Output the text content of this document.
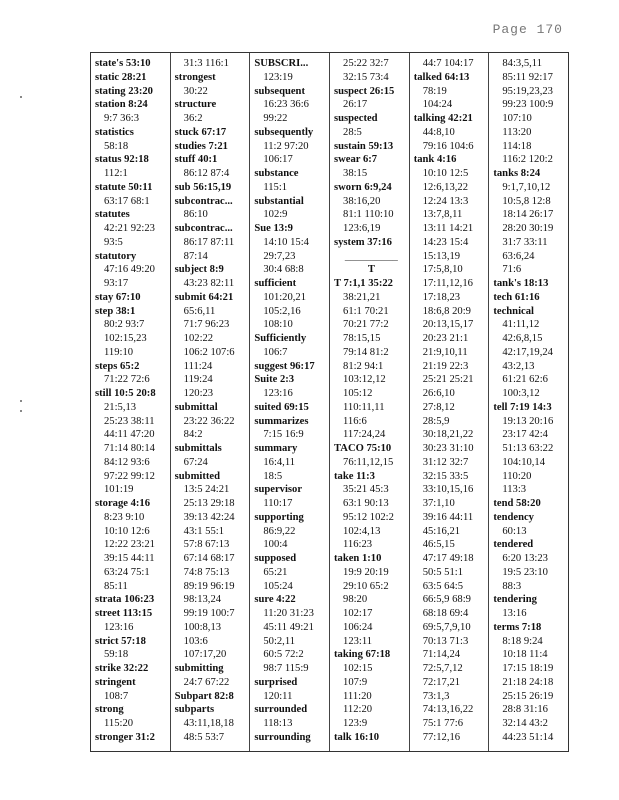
Page 170
state's 53:10
static 28:21
stating 23:20
station 8:24
9:7 36:3
statistics
58:18
status 92:18
112:1
statute 50:11
63:17 68:1
statutes
42:21 92:23
93:5
statutory
47:16 49:20
93:17
stay 67:10
step 38:1
80:2 93:7
102:15,23
119:10
steps 65:2
71:22 72:6
still 10:5 20:8
21:5,13
25:23 38:11
44:11 47:20
71:14 80:14
84:12 93:6
97:22 99:12
101:19
storage 4:16
8:23 9:10
10:10 12:6
12:22 23:21
39:15 44:11
63:24 75:1
85:11
strata 106:23
street 113:15
123:16
strict 57:18
59:18
strike 32:22
stringent
108:7
strong
115:20
stronger 31:2
31:3 116:1
strongest
30:22
structure
36:2
stuck 67:17
studies 7:21
stuff 40:1
86:12 87:4
sub 56:15,19
subcontrac...
86:10
subcontrac...
86:17 87:11
87:14
subject 8:9
43:23 82:11
submit 64:21
65:6,11
71:7 96:23
102:22
106:2 107:6
111:24
119:24
120:23
submittal
23:22 36:22
84:2
submittals
67:24
submitted
13:5 24:21
25:13 29:18
39:13 42:24
43:1 55:1
57:8 67:13
67:14 68:17
74:8 75:13
89:19 96:19
98:13,24
99:19 100:7
100:8,13
103:6
107:17,20
submitting
24:7 67:22
Subpart 82:8
subparts
43:11,18,18
48:5 53:7
SUBSCRI...
123:19
subsequent
16:23 36:6
99:22
subsequently
11:2 97:20
106:17
substance
115:1
substantial
102:9
Sue 13:9
14:10 15:4
29:7,23
30:4 68:8
sufficient
101:20,21
105:2,16
108:10
Sufficiently
106:7
suggest 96:17
Suite 2:3
123:16
suited 69:15
summarizes
7:15 16:9
summary
16:4,11
18:5
supervisor
110:17
supporting
86:9,22
100:4
supposed
65:21
105:24
sure 4:22
11:20 31:23
45:11 49:21
50:2,11
60:5 72:2
98:7 115:9
surprised
120:11
surrounded
118:13
surrounding
25:22 32:7
32:15 73:4
suspect 26:15
26:17
suspected
28:5
sustain 59:13
swear 6:7
38:15
sworn 6:9,24
38:16,20
81:1 110:10
123:6,19
system 37:16
__________
T
T 7:1,1 35:22
38:21,21
61:1 70:21
70:21 77:2
78:15,15
79:14 81:2
81:2 94:1
103:12,12
105:12
110:11,11
116:6
117:24,24
TACO 75:10
76:11,12,15
take 11:3
35:21 45:3
63:1 90:13
95:12 102:2
102:4,13
116:23
taken 1:10
19:9 20:19
29:10 65:2
98:20
102:17
106:24
123:11
taking 67:18
102:15
107:9
111:20
112:20
123:9
talk 16:10
44:7 104:17
talked 64:13
78:19
104:24
talking 42:21
44:8,10
79:16 104:6
tank 4:16
10:10 12:5
12:6,13,22
12:24 13:3
13:7,8,11
13:11 14:21
14:23 15:4
15:13,19
17:5,8,10
17:11,12,16
17:18,23
18:6,8 20:9
20:13,15,17
20:23 21:1
21:9,10,11
21:19 22:3
25:21 25:21
26:6,10
27:8,12
28:5,9
30:18,21,22
30:23 31:10
31:12 32:7
32:15 33:5
33:10,15,16
37:1,10
39:16 44:11
45:16,21
46:5,15
47:17 49:18
50:5 51:1
63:5 64:5
66:5,9 68:9
68:18 69:4
69:5,7,9,10
70:13 71:3
71:14,24
72:5,7,12
72:17,21
73:1,3
74:13,16,22
75:1 77:6
77:12,16
84:3,5,11
85:11 92:17
95:19,23,23
99:23 100:9
107:10
113:20
114:18
116:2 120:2
tanks 8:24
9:1,7,10,12
10:5,8 12:8
18:14 26:17
28:20 30:19
31:7 33:11
63:6,24
71:6
tank's 18:13
tech 61:16
technical
41:11,12
42:6,8,15
42:17,19,24
43:2,13
61:21 62:6
100:3,12
tell 7:19 14:3
19:13 20:16
23:17 42:4
51:13 63:22
104:10,14
110:20
113:3
tend 58:20
tendency
60:13
tendered
6:20 13:23
19:5 23:10
88:3
tendering
13:16
terms 7:18
8:18 9:24
10:18 11:4
17:15 18:19
21:18 24:18
25:15 26:19
28:8 31:16
32:14 43:2
44:23 51:14
